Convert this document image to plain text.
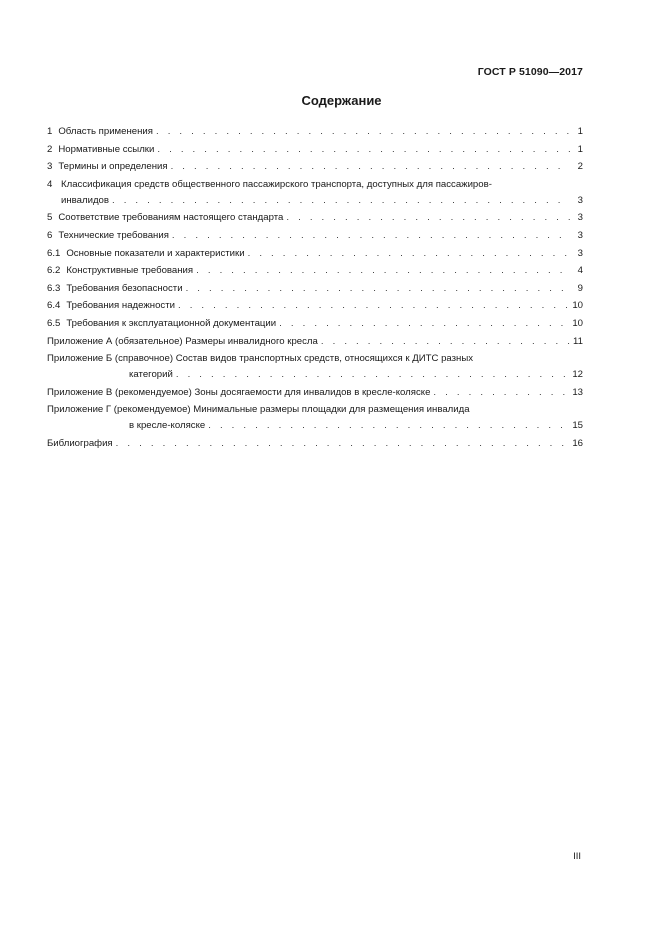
ГОСТ Р 51090—2017
Содержание
1 Область применения . . .	1
2 Нормативные ссылки . . .	1
3 Термины и определения . . .	2
4 Классификация средств общественного пассажирского транспорта, доступных для пассажиров-
инвалидов . . .	3
5 Соответствие требованиям настоящего стандарта . . .	3
6 Технические требования . . .	3
6.1 Основные показатели и характеристики . . .	3
6.2 Конструктивные требования . . .	4
6.3 Требования безопасности . . .	9
6.4 Требования надежности . . .	10
6.5 Требования к эксплуатационной документации . . .	10
Приложение А (обязательное) Размеры инвалидного кресла . . .	11
Приложение Б (справочное) Состав видов транспортных средств, относящихся к ДИТС разных
категорий . . .	12
Приложение В (рекомендуемое) Зоны досягаемости для инвалидов в кресле-коляске . . .	13
Приложение Г (рекомендуемое) Минимальные размеры площадки для размещения инвалида
в кресле-коляске . . .	15
Библиография . . .	16
III
